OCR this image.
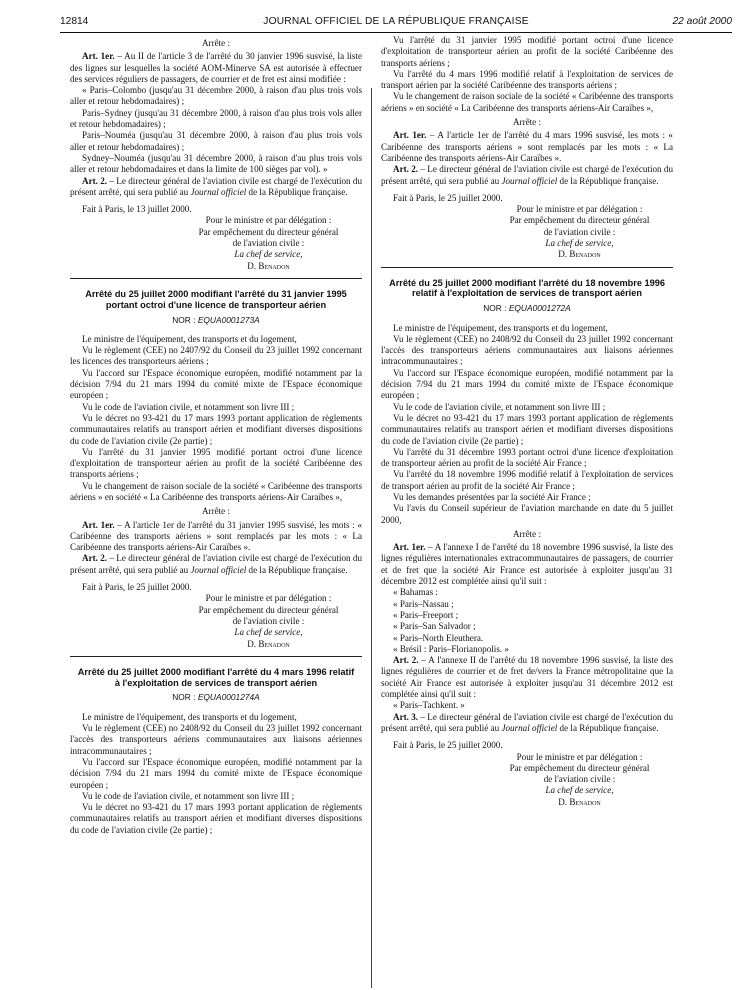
12814	JOURNAL OFFICIEL DE LA RÉPUBLIQUE FRANÇAISE	22 août 2000
Arrête :

Art. 1er. – Au II de l'article 3 de l'arrêté du 30 janvier 1996 susvisé, la liste des lignes sur lesquelles la société AOM-Minerve SA est autorisée à effectuer des services réguliers de passagers, de courrier et de fret est ainsi modifiée :

« Paris–Colombo (jusqu'au 31 décembre 2000, à raison d'au plus trois vols aller et retour hebdomadaires) ;

Paris–Sydney (jusqu'au 31 décembre 2000, à raison d'au plus trois vols aller et retour hebdomadaires) ;

Paris–Nouméa (jusqu'au 31 décembre 2000, à raison d'au plus trois vols aller et retour hebdomadaires) ;

Sydney–Nouméa (jusqu'au 31 décembre 2000, à raison d'au plus trois vols aller et retour hebdomadaires et dans la limite de 100 sièges par vol). »

Art. 2. – Le directeur général de l'aviation civile est chargé de l'exécution du présent arrêté, qui sera publié au Journal officiel de la République française.

Fait à Paris, le 13 juillet 2000.

Pour le ministre et par délégation :
Par empêchement du directeur général
de l'aviation civile :
La chef de service,
D. Benadon
Arrêté du 25 juillet 2000 modifiant l'arrêté du 31 janvier 1995 portant octroi d'une licence de transporteur aérien
NOR : EQUA0001273A

Le ministre de l'équipement, des transports et du logement,

Vu le règlement (CEE) no 2407/92 du Conseil du 23 juillet 1992 concernant les licences des transporteurs aériens ;

Vu l'accord sur l'Espace économique européen, modifié notamment par la décision 7/94 du 21 mars 1994 du comité mixte de l'Espace économique européen ;

Vu le code de l'aviation civile, et notamment son livre III ;

Vu le décret no 93-421 du 17 mars 1993 portant application de règlements communautaires relatifs au transport aérien et modifiant diverses dispositions du code de l'aviation civile (2e partie) ;

Vu l'arrêté du 31 janvier 1995 modifié portant octroi d'une licence d'exploitation de transporteur aérien au profit de la société Caribéenne des transports aériens ;

Vu le changement de raison sociale de la société « Caribéenne des transports aériens » en société « La Caribéenne des transports aériens-Air Caraïbes »,

Arrête :

Art. 1er. – A l'article 1er de l'arrêté du 31 janvier 1995 susvisé, les mots : « Caribéenne des transports aériens » sont remplacés par les mots : « La Caribéenne des transports aériens-Air Caraïbes ».

Art. 2. – Le directeur général de l'aviation civile est chargé de l'exécution du présent arrêté, qui sera publié au Journal officiel de la République française.

Fait à Paris, le 25 juillet 2000.

Pour le ministre et par délégation :
Par empêchement du directeur général
de l'aviation civile :
La chef de service,
D. Benadon
Arrêté du 25 juillet 2000 modifiant l'arrêté du 4 mars 1996 relatif à l'exploitation de services de transport aérien
NOR : EQUA0001274A

Le ministre de l'équipement, des transports et du logement,

Vu le règlement (CEE) no 2408/92 du Conseil du 23 juillet 1992 concernant l'accès des transporteurs aériens communautaires aux liaisons aériennes intracommunautaires ;

Vu l'accord sur l'Espace économique européen, modifié notamment par la décision 7/94 du 21 mars 1994 du comité mixte de l'Espace économique européen ;

Vu le code de l'aviation civile, et notamment son livre III ;

Vu le décret no 93-421 du 17 mars 1993 portant application de règlements communautaires relatifs au transport aérien et modifiant diverses dispositions du code de l'aviation civile (2e partie) ;

Vu l'arrêté du 31 janvier 1995 modifié portant octroi d'une licence d'exploitation de transporteur aérien au profit de la société Caribéenne des transports aériens ;

Vu l'arrêté du 4 mars 1996 modifié relatif à l'exploitation de services de transport aérien par la société Caribéenne des transports aériens ;

Vu le changement de raison sociale de la société « Caribéenne des transports aériens » en société « La Caribéenne des transports aériens-Air Caraïbes »,

Arrête :

Art. 1er. – A l'article 1er de l'arrêté du 4 mars 1996 susvisé, les mots : « Caribéenne des transports aériens » sont remplacés par les mots : « La Caribéenne des transports aériens-Air Caraïbes ».

Art. 2. – Le directeur général de l'aviation civile est chargé de l'exécution du présent arrêté, qui sera publié au Journal officiel de la République française.

Fait à Paris, le 25 juillet 2000.

Pour le ministre et par délégation :
Par empêchement du directeur général
de l'aviation civile :
La chef de service,
D. Benadon
Arrêté du 25 juillet 2000 modifiant l'arrêté du 18 novembre 1996 relatif à l'exploitation de services de transport aérien
NOR : EQUA0001272A

Le ministre de l'équipement, des transports et du logement,

Vu le règlement (CEE) no 2408/92 du Conseil du 23 juillet 1992 concernant l'accès des transporteurs aériens communautaires aux liaisons aériennes intracommunautaires ;

Vu l'accord sur l'Espace économique européen, modifié notamment par la décision 7/94 du 21 mars 1994 du comité mixte de l'Espace économique européen ;

Vu le code de l'aviation civile, et notamment son livre III ;

Vu le décret no 93-421 du 17 mars 1993 portant application de règlements communautaires relatifs au transport aérien et modifiant diverses dispositions du code de l'aviation civile (2e partie) ;

Vu l'arrêté du 31 décembre 1993 portant octroi d'une licence d'exploitation de transporteur aérien au profit de la société Air France ;

Vu l'arrêté du 18 novembre 1996 modifié relatif à l'exploitation de services de transport aérien au profit de la société Air France ;

Vu les demandes présentées par la société Air France ;

Vu l'avis du Conseil supérieur de l'aviation marchande en date du 5 juillet 2000,

Arrête :

Art. 1er. – A l'annexe I de l'arrêté du 18 novembre 1996 susvisé, la liste des lignes régulières internationales extracommunautaires de passagers, de courrier et de fret que la société Air France est autorisée à exploiter jusqu'au 31 décembre 2012 est complétée ainsi qu'il suit :

« Bahamas :

« Paris–Nassau ;

« Paris–Freeport ;

« Paris–San Salvador ;

« Paris–North Eleuthera.

« Brésil : Paris–Florianopolis. »

Art. 2. – A l'annexe II de l'arrêté du 18 novembre 1996 susvisé, la liste des lignes régulières de courrier et de fret de/vers la France métropolitaine que la société Air France est autorisée à exploiter jusqu'au 31 décembre 2012 est complétée ainsi qu'il suit :

« Paris–Tachkent. »

Art. 3. – Le directeur général de l'aviation civile est chargé de l'exécution du présent arrêté, qui sera publié au Journal officiel de la République française.

Fait à Paris, le 25 juillet 2000.

Pour le ministre et par délégation :
Par empêchement du directeur général
de l'aviation civile :
La chef de service,
D. Benadon
